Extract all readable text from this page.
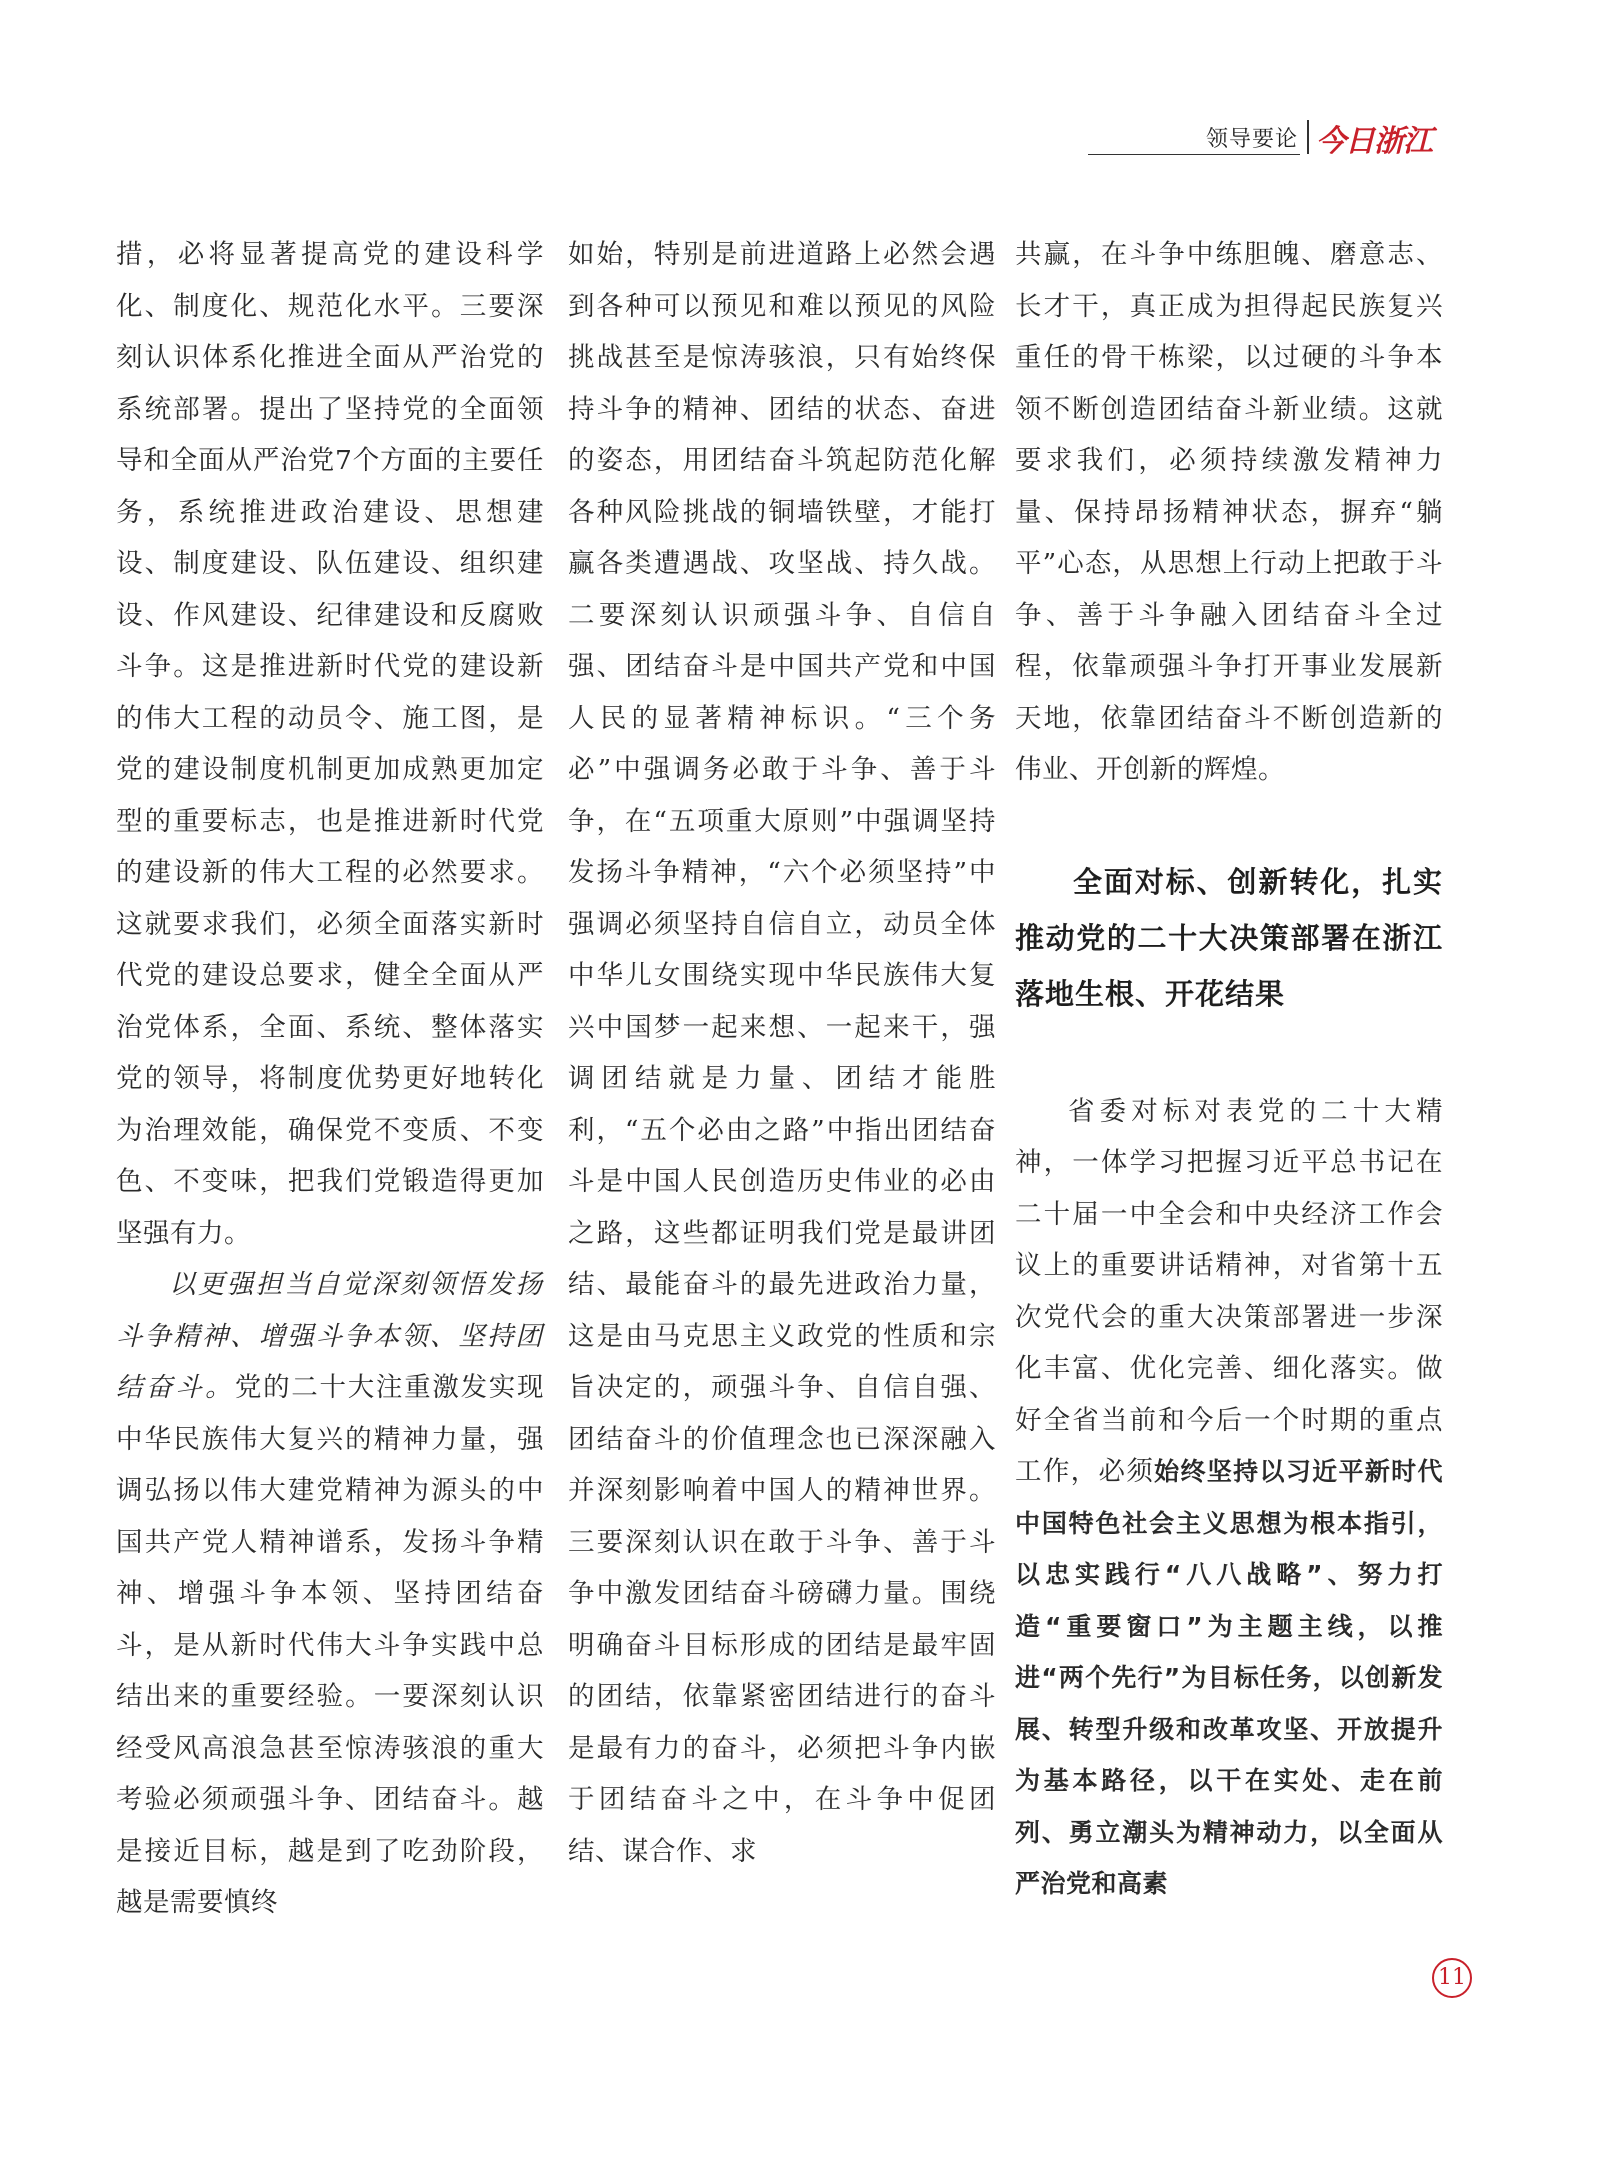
领导要论 今日浙江

措，必将显著提高党的建设科学化、制度化、规范化水平。三要深刻认识体系化推进全面从严治党的系统部署。提出了坚持党的全面领导和全面从严治党7个方面的主要任务，系统推进政治建设、思想建设、制度建设、队伍建设、组织建设、作风建设、纪律建设和反腐败斗争。这是推进新时代党的建设新的伟大工程的动员令、施工图，是党的建设制度机制更加成熟更加定型的重要标志，也是推进新时代党的建设新的伟大工程的必然要求。这就要求我们，必须全面落实新时代党的建设总要求，健全全面从严治党体系，全面、系统、整体落实党的领导，将制度优势更好地转化为治理效能，确保党不变质、不变色、不变味，把我们党锻造得更加坚强有力。

以更强担当自觉深刻领悟发扬斗争精神、增强斗争本领、坚持团结奋斗。党的二十大注重激发实现中华民族伟大复兴的精神力量，强调弘扬以伟大建党精神为源头的中国共产党人精神谱系，发扬斗争精神、增强斗争本领、坚持团结奋斗，是从新时代伟大斗争实践中总结出来的重要经验。一要深刻认识经受风高浪急甚至惊涛骇浪的重大考验必须顽强斗争、团结奋斗。越是接近目标，越是到了吃劲阶段，越是需要慎终

如始，特别是前进道路上必然会遇到各种可以预见和难以预见的风险挑战甚至是惊涛骇浪，只有始终保持斗争的精神、团结的状态、奋进的姿态，用团结奋斗筑起防范化解各种风险挑战的铜墙铁壁，才能打赢各类遭遇战、攻坚战、持久战。二要深刻认识顽强斗争、自信自强、团结奋斗是中国共产党和中国人民的显著精神标识。“三个务必”中强调务必敢于斗争、善于斗争，在“五项重大原则”中强调坚持发扬斗争精神，“六个必须坚持”中强调必须坚持自信自立，动员全体中华儿女围绕实现中华民族伟大复兴中国梦一起来想、一起来干，强调团结就是力量、团结才能胜利，“五个必由之路”中指出团结奋斗是中国人民创造历史伟业的必由之路，这些都证明我们党是最讲团结、最能奋斗的最先进政治力量，这是由马克思主义政党的性质和宗旨决定的，顽强斗争、自信自强、团结奋斗的价值理念也已深深融入并深刻影响着中国人的精神世界。三要深刻认识在敢于斗争、善于斗争中激发团结奋斗磅礴力量。围绕明确奋斗目标形成的团结是最牢固的团结，依靠紧密团结进行的奋斗是最有力的奋斗，必须把斗争内嵌于团结奋斗之中，在斗争中促团结、谋合作、求

共赢，在斗争中练胆魄、磨意志、长才干，真正成为担得起民族复兴重任的骨干栋梁，以过硬的斗争本领不断创造团结奋斗新业绩。这就要求我们，必须持续激发精神力量、保持昂扬精神状态，摒弃“躺平”心态，从思想上行动上把敢于斗争、善于斗争融入团结奋斗全过程，依靠顽强斗争打开事业发展新天地，依靠团结奋斗不断创造新的伟业、开创新的辉煌。

全面对标、创新转化，扎实推动党的二十大决策部署在浙江落地生根、开花结果

省委对标对表党的二十大精神，一体学习把握习近平总书记在二十届一中全会和中央经济工作会议上的重要讲话精神，对省第十五次党代会的重大决策部署进一步深化丰富、优化完善、细化落实。做好全省当前和今后一个时期的重点工作，必须始终坚持以习近平新时代中国特色社会主义思想为根本指引，以忠实践行“八八战略”、努力打造“重要窗口”为主题主线，以推进“两个先行”为目标任务，以创新发展、转型升级和改革攻坚、开放提升为基本路径，以干在实处、走在前列、勇立潮头为精神动力，以全面从严治党和高素

11
